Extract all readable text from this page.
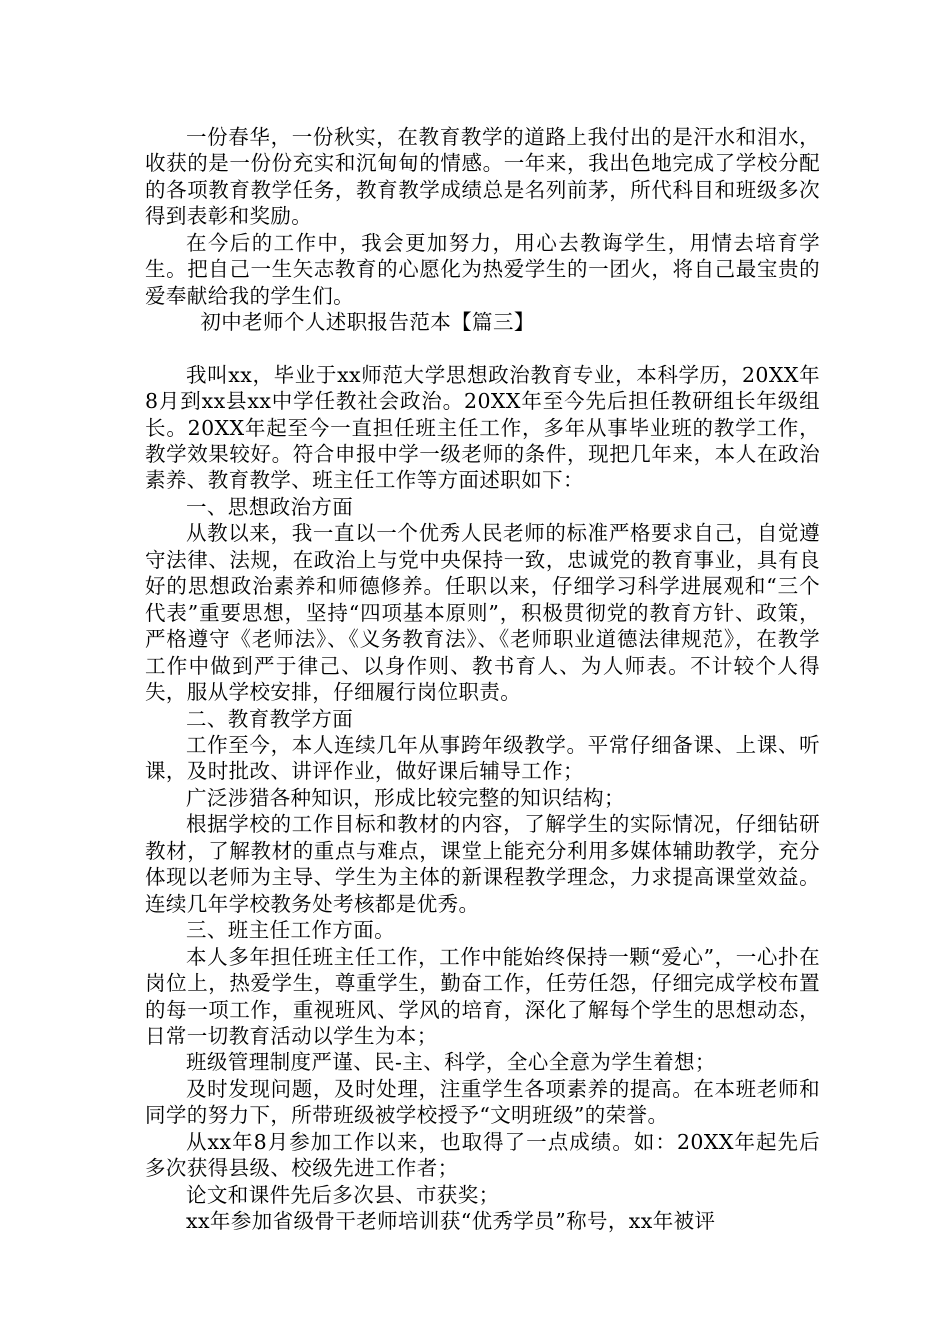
一份春华，一份秋实，在教育教学的道路上我付出的是汗水和泪水，收获的是一份份充实和沉甸甸的情感。一年来，我出色地完成了学校分配的各项教育教学任务，教育教学成绩总是名列前茅，所代科目和班级多次得到表彰和奖励。

在今后的工作中，我会更加努力，用心去教诲学生，用情去培育学生。把自己一生矢志教育的心愿化为热爱学生的一团火，将自己最宝贵的爱奉献给我的学生们。

初中老师个人述职报告范本【篇三】

我叫xx，毕业于xx师范大学思想政治教育专业，本科学历，20XX年8月到xx县xx中学任教社会政治。20XX年至今先后担任教研组长年级组长。20XX年起至今一直担任班主任工作，多年从事毕业班的教学工作，教学效果较好。符合申报中学一级老师的条件，现把几年来，本人在政治素养、教育教学、班主任工作等方面述职如下：

一、思想政治方面

从教以来，我一直以一个优秀人民老师的标准严格要求自己，自觉遵守法律、法规，在政治上与党中央保持一致，忠诚党的教育事业，具有良好的思想政治素养和师德修养。任职以来，仔细学习科学进展观和“三个代表”重要思想，坚持“四项基本原则”，积极贯彻党的教育方针、政策，严格遵守《老师法》、《义务教育法》、《老师职业道德法律规范》，在教学工作中做到严于律己、以身作则、教书育人、为人师表。不计较个人得失，服从学校安排，仔细履行岗位职责。

二、教育教学方面

工作至今，本人连续几年从事跨年级教学。平常仔细备课、上课、听课，及时批改、讲评作业，做好课后辅导工作；

广泛涉猎各种知识，形成比较完整的知识结构；

根据学校的工作目标和教材的内容，了解学生的实际情况，仔细钻研教材，了解教材的重点与难点，课堂上能充分利用多媒体辅助教学，充分体现以老师为主导、学生为主体的新课程教学理念，力求提高课堂效益。连续几年学校教务处考核都是优秀。

三、班主任工作方面。

本人多年担任班主任工作，工作中能始终保持一颗“爱心”，一心扑在岗位上，热爱学生，尊重学生，勤奋工作，任劳任怨，仔细完成学校布置的每一项工作，重视班风、学风的培育，深化了解每个学生的思想动态，日常一切教育活动以学生为本；

班级管理制度严谨、民-主、科学，全心全意为学生着想；

及时发现问题，及时处理，注重学生各项素养的提高。在本班老师和同学的努力下，所带班级被学校授予“文明班级”的荣誉。

从xx年8月参加工作以来，也取得了一点成绩。如：20XX年起先后多次获得县级、校级先进工作者；

论文和课件先后多次县、市获奖；

xx年参加省级骨干老师培训获“优秀学员”称号，xx年被评
